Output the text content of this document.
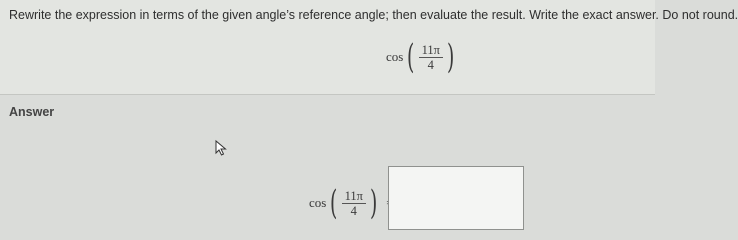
Rewrite the expression in terms of the given angle’s reference angle; then evaluate the result. Write the exact answer. Do not round.
cos ( $\frac{11\pi}{4}$ )
Answer
cos ( $\frac{11\pi}{4}$ )
